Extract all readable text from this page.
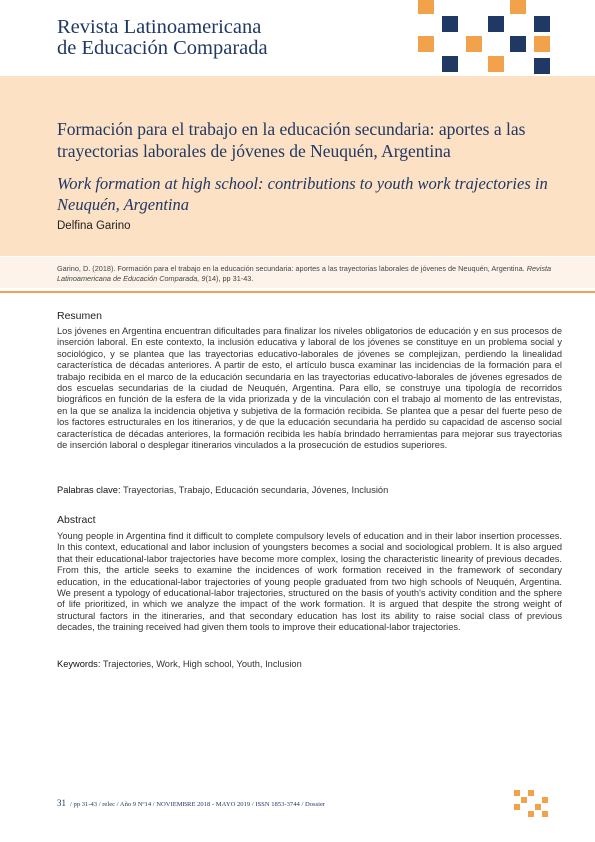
Revista Latinoamericana
de Educación Comparada
Formación para el trabajo en la educación secundaria: aportes a las trayectorias laborales de jóvenes de Neuquén, Argentina
Work formation at high school: contributions to youth work trajectories in Neuquén, Argentina
Delfina Garino
Garino, D. (2018). Formación para el trabajo en la educación secundaria: aportes a las trayectorias laborales de jóvenes de Neuquén, Argentina. Revista Latinoamericana de Educación Comparada, 9(14), pp 31-43.
Resumen
Los jóvenes en Argentina encuentran dificultades para finalizar los niveles obligatorios de educación y en sus procesos de inserción laboral. En este contexto, la inclusión educativa y laboral de los jóvenes se constituye en un problema social y sociológico, y se plantea que las trayectorias educativo-laborales de jóvenes se complejizan, perdiendo la linealidad característica de décadas anteriores. A partir de esto, el artículo busca examinar las incidencias de la formación para el trabajo recibida en el marco de la educación secundaria en las trayectorias educativo-laborales de jóvenes egresados de dos escuelas secundarias de la ciudad de Neuquén, Argentina. Para ello, se construye una tipología de recorridos biográficos en función de la esfera de la vida priorizada y de la vinculación con el trabajo al momento de las entrevistas, en la que se analiza la incidencia objetiva y subjetiva de la formación recibida. Se plantea que a pesar del fuerte peso de los factores estructurales en los itinerarios, y de que la educación secundaria ha perdido su capacidad de ascenso social característica de décadas anteriores, la formación recibida les había brindado herramientas para mejorar sus trayectorias de inserción laboral o desplegar itinerarios vinculados a la prosecución de estudios superiores.
Palabras clave: Trayectorias, Trabajo, Educación secundaria, Jóvenes, Inclusión
Abstract
Young people in Argentina find it difficult to complete compulsory levels of education and in their labor insertion processes. In this context, educational and labor inclusion of youngsters becomes a social and sociological problem. It is also argued that their educational-labor trajectories have become more complex, losing the characteristic linearity of previous decades. From this, the article seeks to examine the incidences of work formation received in the framework of secondary education, in the educational-labor trajectories of young people graduated from two high schools of Neuquén, Argentina. We present a typology of educational-labor trajectories, structured on the basis of youth's activity condition and the sphere of life prioritized, in which we analyze the impact of the work formation. It is argued that despite the strong weight of structural factors in the itineraries, and that secondary education has lost its ability to raise social class of previous decades, the training received had given them tools to improve their educational-labor trajectories.
Keywords: Trajectories, Work, High school, Youth, Inclusion
31 / pp 31-43 / relec / Año 9 Nº14 / NOVIEMBRE 2018 - MAYO 2019 / ISSN 1853-3744 / Dossier
